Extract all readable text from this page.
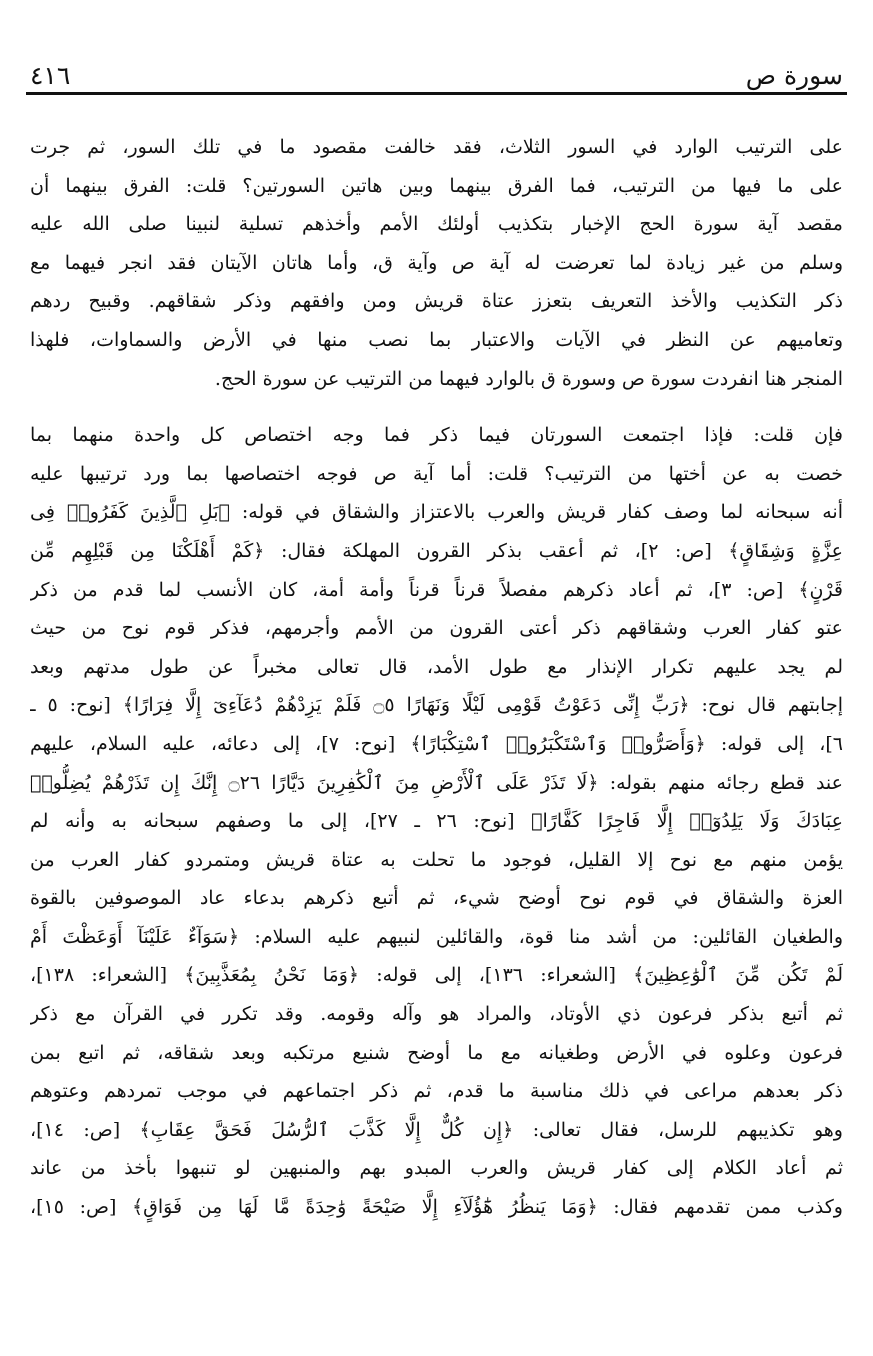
سورة ص
٤١٦
على الترتيب الوارد في السور الثلاث، فقد خالفت مقصود ما في تلك السور، ثم جرت
على ما فيها من الترتيب، فما الفرق بينهما وبين هاتين السورتين؟ قلت: الفرق بينهما أن
مقصد آية سورة الحج الإخبار بتكذيب أولئك الأمم وأخذهم تسلية لنبينا صلى الله عليه
وسلم من غير زيادة لما تعرضت له آية ص وآية ق، وأما هاتان الآيتان فقد انجر فيهما مع
ذكر التكذيب والأخذ التعريف بتعزز عتاة قريش ومن وافقهم وذكر شقاقهم. وقبيح ردهم
وتعاميهم عن النظر في الآيات والاعتبار بما نصب منها في الأرض والسماوات، فلهذا
المنجر هنا انفردت سورة ص وسورة ق بالوارد فيهما من الترتيب عن سورة الحج.
فإن قلت: فإذا اجتمعت السورتان فيما ذكر فما وجه اختصاص كل واحدة منهما بما
خصت به عن أختها من الترتيب؟ قلت: أما آية ص فوجه اختصاصها بما ورد ترتيبها عليه
أنه سبحانه لما وصف كفار قريش والعرب بالاعتزاز والشقاق في قوله: ﴿بَلِ ٱلَّذِينَ كَفَرُوا۟ فِى
عِزَّةٍ وَشِقَاقٍ﴾ [ص: ٢]، ثم أعقب بذكر القرون المهلكة فقال: ﴿كَمْ أَهْلَكْنَا مِن قَبْلِهِم مِّن
قَرْنٍ﴾ [ص: ٣]، ثم أعاد ذكرهم مفصلاً قرناً قرناً وأمة أمة، كان الأنسب لما قدم من ذكر
عتو كفار العرب وشقاقهم ذكر أعتى القرون من الأمم وأجرمهم، فذكر قوم نوح من حيث
لم يجد عليهم تكرار الإنذار مع طول الأمد، قال تعالى مخبراً عن طول مدتهم وبعد
إجابتهم قال نوح: ﴿رَبِّ إِنِّى دَعَوْتُ قَوْمِى لَيْلًا وَنَهَارًا ۝٥ فَلَمْ يَزِدْهُمْ دُعَآءِىٓ إِلَّا فِرَارًا﴾ [نوح: ٥ ـ
٦]، إلى قوله: ﴿وَأَصَرُّوا۟ وَٱسْتَكْبَرُوا۟ ٱسْتِكْبَارًا﴾ [نوح: ٧]، إلى دعائه، عليه السلام، عليهم
عند قطع رجائه منهم بقوله: ﴿لَا تَذَرْ عَلَى ٱلْأَرْضِ مِنَ ٱلْكَٰفِرِينَ دَيَّارًا ۝٢٦ إِنَّكَ إِن تَذَرْهُمْ يُضِلُّوا۟
عِبَادَكَ وَلَا يَلِدُوٓا۟ إِلَّا فَاجِرًا كَفَّارًا﴾ [نوح: ٢٦ ـ ٢٧]، إلى ما وصفهم سبحانه به وأنه لم
يؤمن منهم مع نوح إلا القليل، فوجود ما تحلت به عتاة قريش ومتمردو كفار العرب من
العزة والشقاق في قوم نوح أوضح شيء، ثم أتبع ذكرهم بدعاء عاد الموصوفين بالقوة
والطغيان القائلين: من أشد منا قوة، والقائلين لنبيهم عليه السلام: ﴿سَوَآءٌ عَلَيْنَآ أَوَعَظْتَ أَمْ
لَمْ تَكُن مِّنَ ٱلْوَٰعِظِينَ﴾ [الشعراء: ١٣٦]، إلى قوله: ﴿وَمَا نَحْنُ بِمُعَذَّبِينَ﴾ [الشعراء: ١٣٨]،
ثم أتبع بذكر فرعون ذي الأوتاد، والمراد هو وآله وقومه. وقد تكرر في القرآن مع ذكر
فرعون وعلوه في الأرض وطغيانه مع ما أوضح شنيع مرتكبه وبعد شقاقه، ثم اتبع بمن
ذكر بعدهم مراعى في ذلك مناسبة ما قدم، ثم ذكر اجتماعهم في موجب تمردهم وعتوهم
وهو تكذيبهم للرسل، فقال تعالى: ﴿إِن كُلٌّ إِلَّا كَذَّبَ ٱلرُّسُلَ فَحَقَّ عِقَابِ﴾ [ص: ١٤]،
ثم أعاد الكلام إلى كفار قريش والعرب المبدو بهم والمنبهين لو تنبهوا بأخذ من عاند
وكذب ممن تقدمهم فقال: ﴿وَمَا يَنظُرُ هَٰٓؤُلَآءِ إِلَّا صَيْحَةً وَٰحِدَةً مَّا لَهَا مِن فَوَاقٍ﴾ [ص: ١٥]،
